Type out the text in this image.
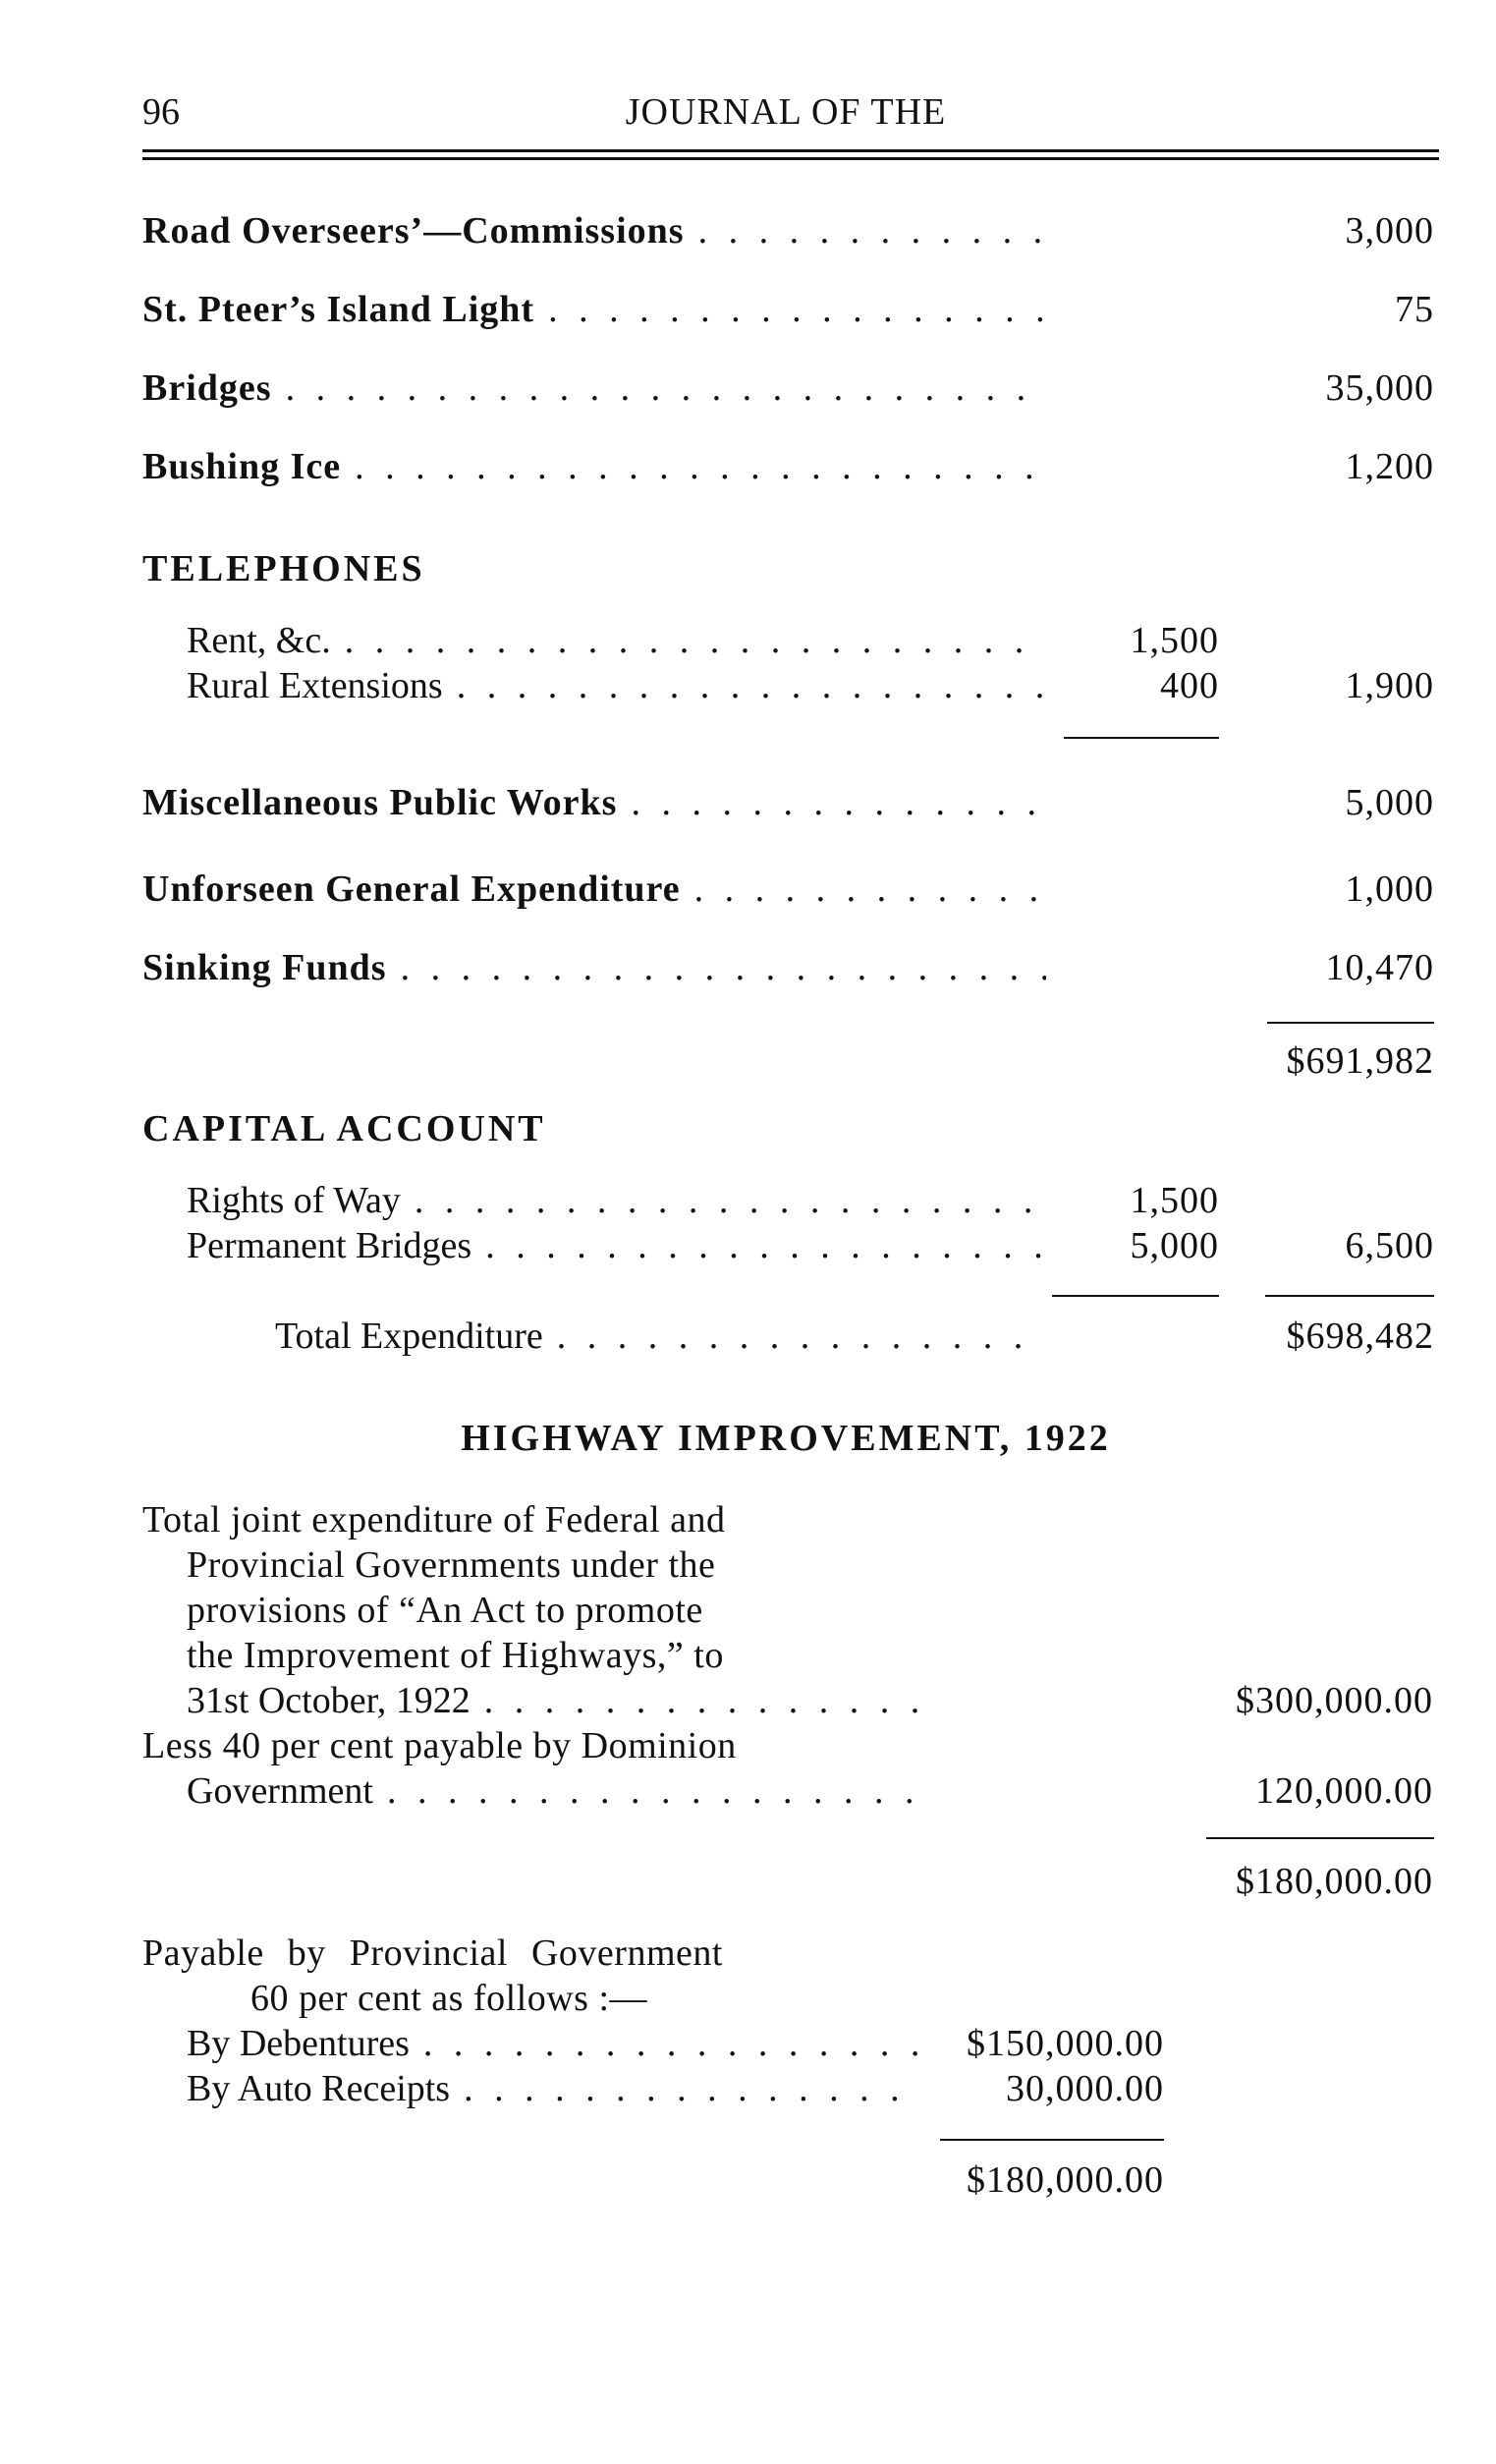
96	JOURNAL OF THE
Road Overseers’—Commissions . . .	3,000
St. Pteer’s Island Light . . .	75
Bridges . . .	35,000
Bushing Ice . . .	1,200
TELEPHONES
Rent, &c. . . .	1,500
Rural Extensions . . .	400	1,900
Miscellaneous Public Works . . .	5,000
Unforseen General Expenditure . . .	1,000
Sinking Funds . . .	10,470
$691,982
CAPITAL ACCOUNT
Rights of Way . . .	1,500
Permanent Bridges . . .	5,000	6,500
Total Expenditure . . .	$698,482
HIGHWAY IMPROVEMENT, 1922
Total joint expenditure of Federal and
Provincial Governments under the
provisions of “An Act to promote
the Improvement of Highways,” to
31st October, 1922 . . .	$300,000.00
Less 40 per cent payable by Dominion
Government . . .	120,000.00
$180,000.00
Payable by Provincial Government
60 per cent as follows :—
By Debentures . . .	$150,000.00
By Auto Receipts . . .	30,000.00
$180,000.00
